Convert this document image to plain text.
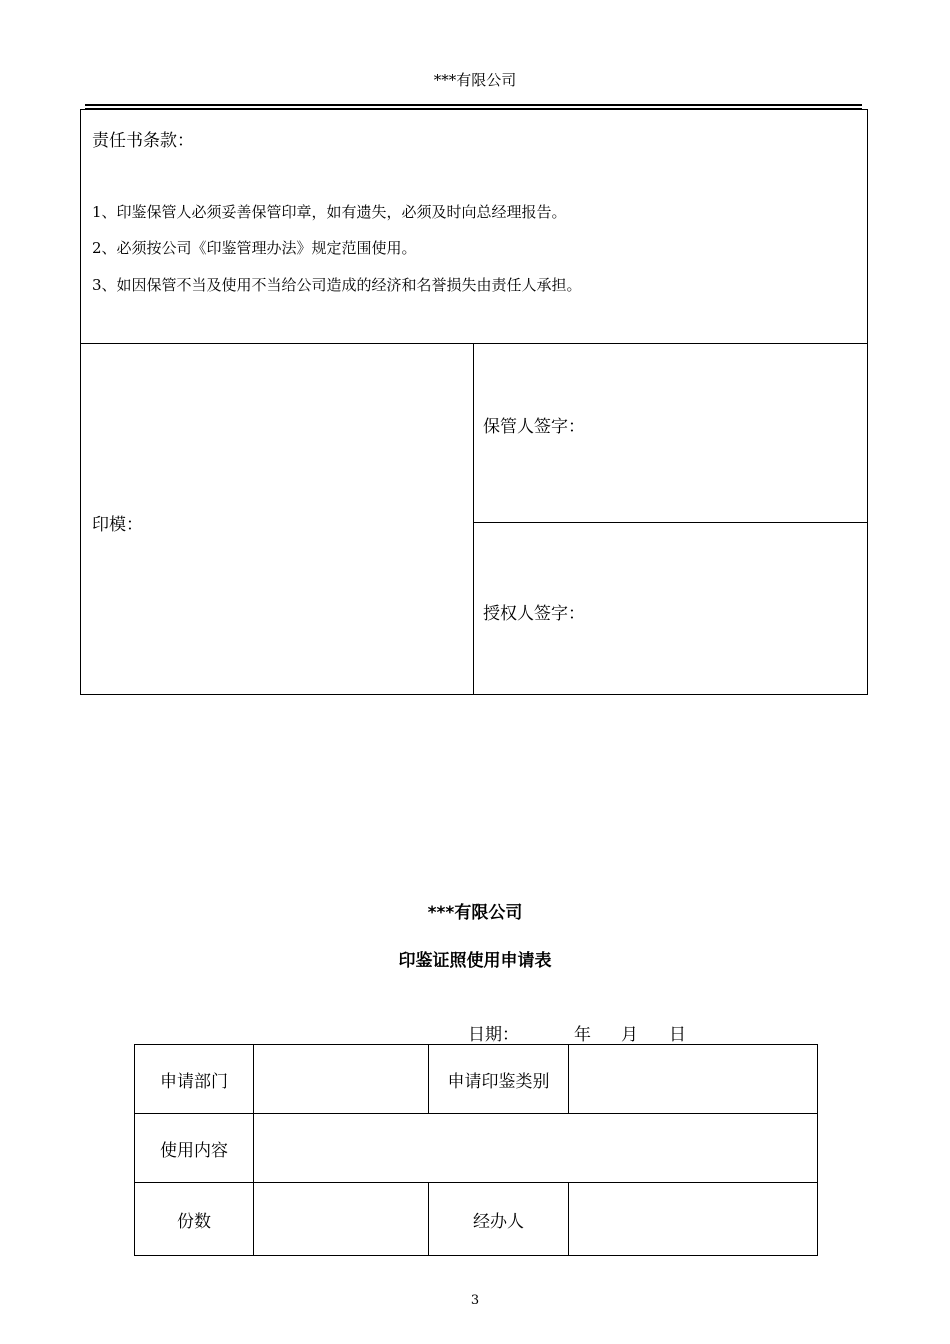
***有限公司
责任书条款：
1、印鉴保管人必须妥善保管印章，如有遗失，必须及时向总经理报告。
2、必须按公司《印鉴管理办法》规定范围使用。
3、如因保管不当及使用不当给公司造成的经济和名誉损失由责任人承担。
印模：
保管人签字：
授权人签字：
***有限公司
印鉴证照使用申请表
日期：	年 月 日
申请部门		申请印鉴类别	
使用内容			
份数		经办人	
3
